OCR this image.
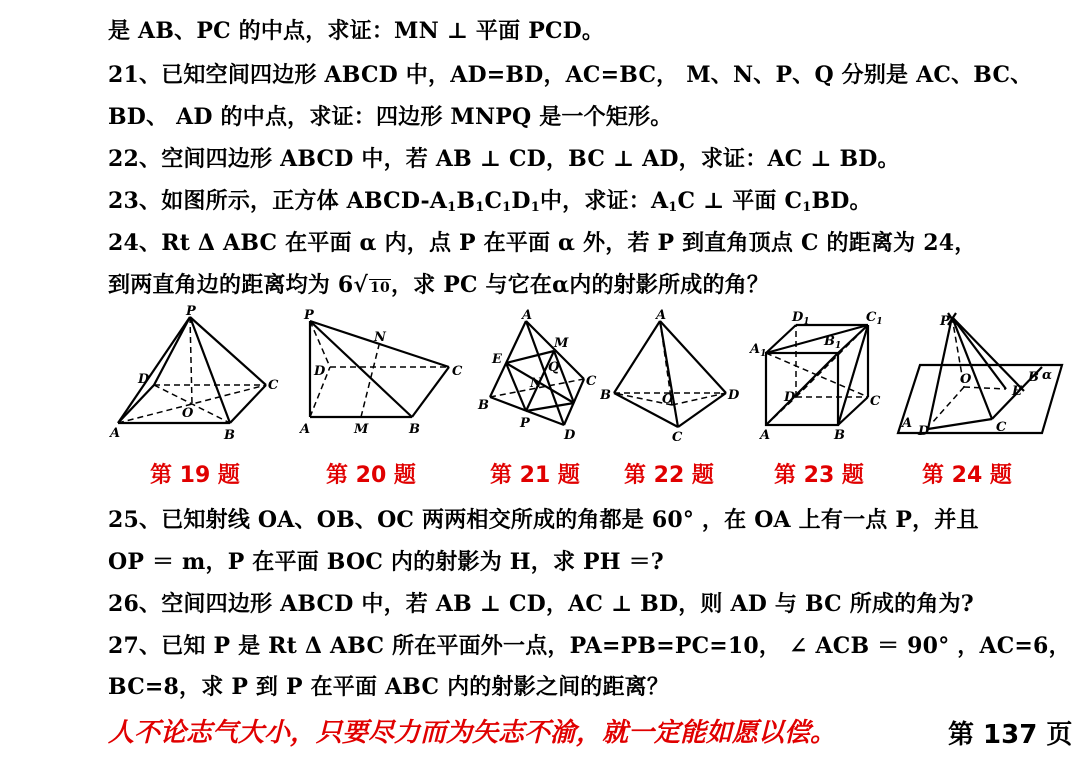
是 AB、PC 的中点，求证：MN ⊥ 平面 PCD。
21、已知空间四边形 ABCD 中，AD=BD，AC=BC， M、N、P、Q 分别是 AC、BC、
BD、 AD 的中点，求证：四边形 MNPQ 是一个矩形。
22、空间四边形 ABCD 中，若 AB ⊥ CD，BC ⊥ AD，求证：AC ⊥ BD。
23、如图所示，正方体 ABCD-$A_1B_1C_1D_1$中，求证：$A_1C$ ⊥ 平面 $C_1BD$。
24、Rt Δ ABC 在平面 α 内，点 P 在平面 α 外，若 P 到直角顶点 C 的距离为 24，
到两直角边的距离均为 6√ 10，求 PC 与它在α内的射影所成的角？
P
D	C
O
A	B
P
N
D	C
A	M	B
A
M
E
Q
N	C
B
P
D
A
B	O	D
C
$D_1$	$C_1$
$A_1$
$B_1$
D	C
A	B
P
O	B α
E
A
D	C
第 19 题	第 20 题	第 21 题 第 22 题	第 23 题	第 24 题
25、已知射线 OA、OB、OC 两两相交所成的角都是 60° ，在 OA 上有一点 P，并且
OP ＝ m，P 在平面 BOC 内的射影为 H，求 PH ＝?
26、空间四边形 ABCD 中，若 AB ⊥ CD，AC ⊥ BD，则 AD 与 BC 所成的角为?
27、已知 P 是 Rt Δ ABC 所在平面外一点，PA=PB=PC=10， ∠ ACB ＝ 90° ，AC=6，
BC=8，求 P 到 P 在平面 ABC 内的射影之间的距离？
人不论志气大小，只要尽力而为矢志不渝，就一定能如愿以偿。	第 137 页
